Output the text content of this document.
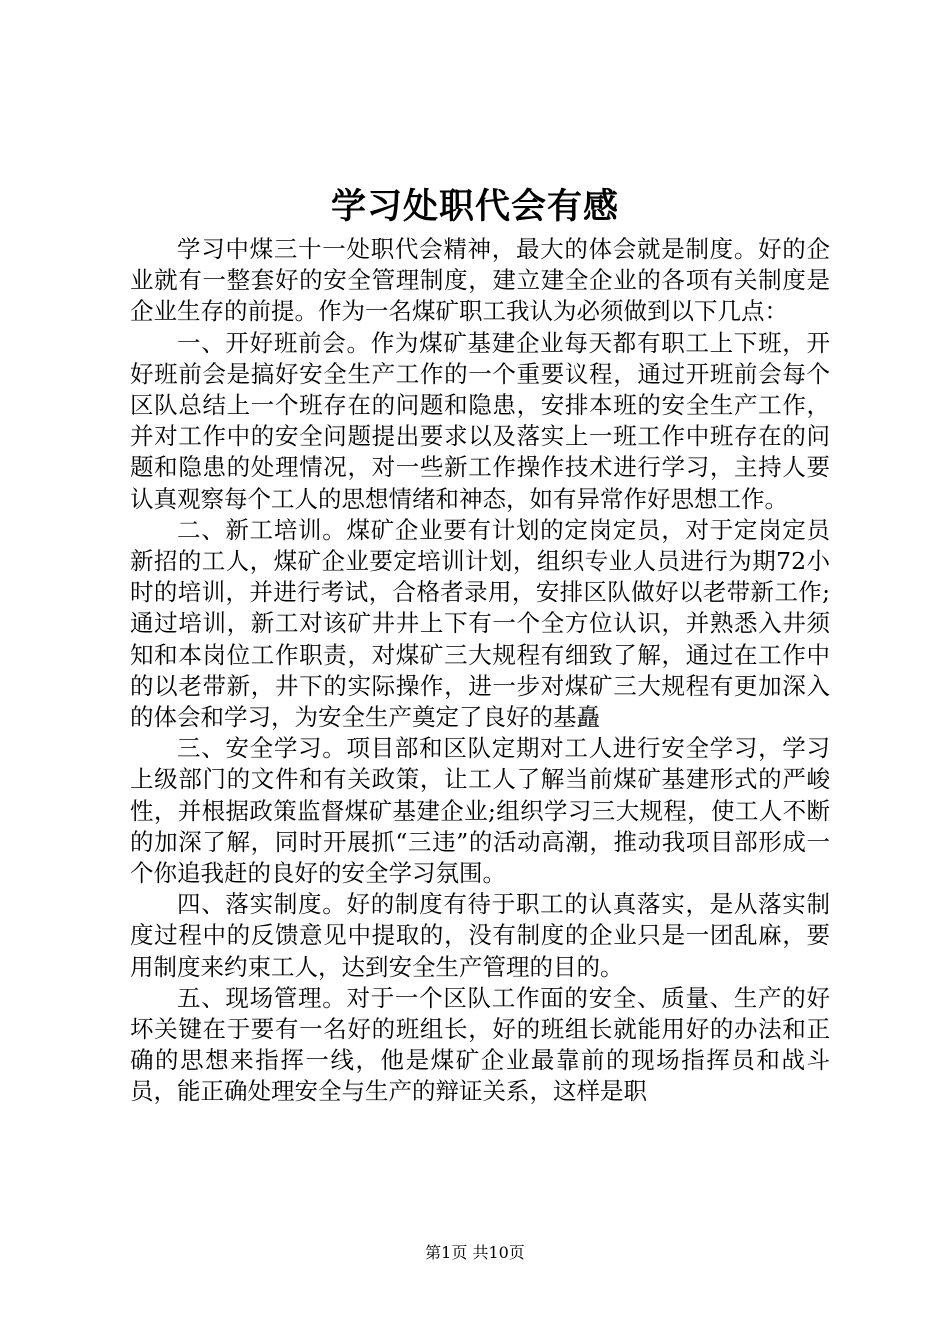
学习处职代会有感

学习中煤三十一处职代会精神，最大的体会就是制度。好的企业就有一整套好的安全管理制度，建立建全企业的各项有关制度是企业生存的前提。作为一名煤矿职工我认为必须做到以下几点：

一、开好班前会。作为煤矿基建企业每天都有职工上下班，开好班前会是搞好安全生产工作的一个重要议程，通过开班前会每个区队总结上一个班存在的问题和隐患，安排本班的安全生产工作，并对工作中的安全问题提出要求以及落实上一班工作中班存在的问题和隐患的处理情况，对一些新工作操作技术进行学习，主持人要认真观察每个工人的思想情绪和神态，如有异常作好思想工作。

二、新工培训。煤矿企业要有计划的定岗定员，对于定岗定员新招的工人，煤矿企业要定培训计划，组织专业人员进行为期72小时的培训，并进行考试，合格者录用，安排区队做好以老带新工作;通过培训，新工对该矿井井上下有一个全方位认识，并熟悉入井须知和本岗位工作职责，对煤矿三大规程有细致了解，通过在工作中的以老带新，井下的实际操作，进一步对煤矿三大规程有更加深入的体会和学习，为安全生产奠定了良好的基矗

三、安全学习。项目部和区队定期对工人进行安全学习，学习上级部门的文件和有关政策，让工人了解当前煤矿基建形式的严峻性，并根据政策监督煤矿基建企业;组织学习三大规程，使工人不断的加深了解，同时开展抓“三违”的活动高潮，推动我项目部形成一个你追我赶的良好的安全学习氛围。

四、落实制度。好的制度有待于职工的认真落实，是从落实制度过程中的反馈意见中提取的，没有制度的企业只是一团乱麻，要用制度来约束工人，达到安全生产管理的目的。

五、现场管理。对于一个区队工作面的安全、质量、生产的好坏关键在于要有一名好的班组长，好的班组长就能用好的办法和正确的思想来指挥一线，他是煤矿企业最靠前的现场指挥员和战斗员，能正确处理安全与生产的辩证关系，这样是职

第1页 共10页
